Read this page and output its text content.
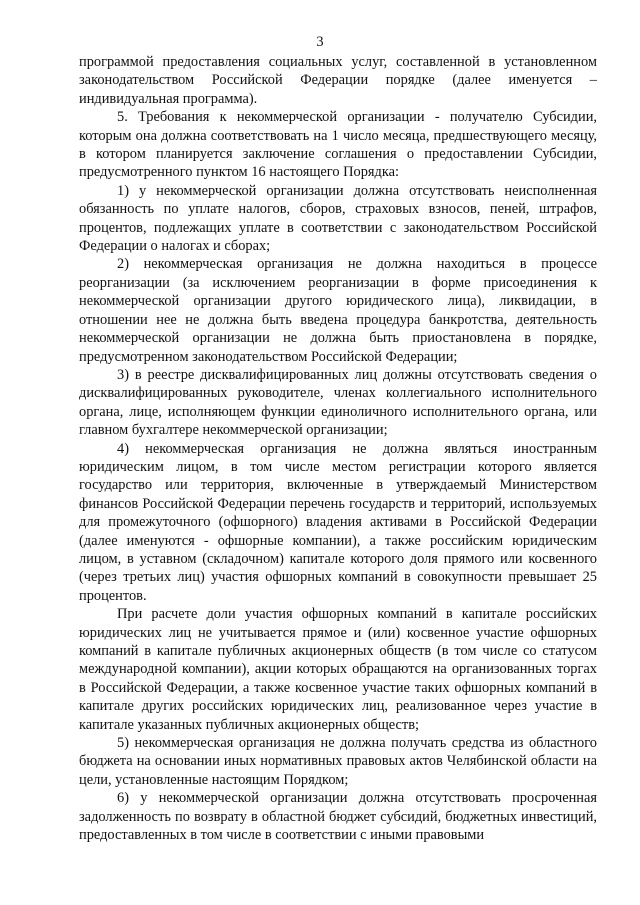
3

программой предоставления социальных услуг, составленной в установленном законодательством Российской Федерации порядке (далее именуется – индивидуальная программа).

5. Требования к некоммерческой организации - получателю Субсидии, которым она должна соответствовать на 1 число месяца, предшествующего месяцу, в котором планируется заключение соглашения о предоставлении Субсидии, предусмотренного пунктом 16 настоящего Порядка:

1) у некоммерческой организации должна отсутствовать неисполненная обязанность по уплате налогов, сборов, страховых взносов, пеней, штрафов, процентов, подлежащих уплате в соответствии с законодательством Российской Федерации о налогах и сборах;

2) некоммерческая организация не должна находиться в процессе реорганизации (за исключением реорганизации в форме присоединения к некоммерческой организации другого юридического лица), ликвидации, в отношении нее не должна быть введена процедура банкротства, деятельность некоммерческой организации не должна быть приостановлена в порядке, предусмотренном законодательством Российской Федерации;

3) в реестре дисквалифицированных лиц должны отсутствовать сведения о дисквалифицированных руководителе, членах коллегиального исполнительного органа, лице, исполняющем функции единоличного исполнительного органа, или главном бухгалтере некоммерческой организации;

4) некоммерческая организация не должна являться иностранным юридическим лицом, в том числе местом регистрации которого является государство или территория, включенные в утверждаемый Министерством финансов Российской Федерации перечень государств и территорий, используемых для промежуточного (офшорного) владения активами в Российской Федерации (далее именуются - офшорные компании), а также российским юридическим лицом, в уставном (складочном) капитале которого доля прямого или косвенного (через третьих лиц) участия офшорных компаний в совокупности превышает 25 процентов.

При расчете доли участия офшорных компаний в капитале российских юридических лиц не учитывается прямое и (или) косвенное участие офшорных компаний в капитале публичных акционерных обществ (в том числе со статусом международной компании), акции которых обращаются на организованных торгах в Российской Федерации, а также косвенное участие таких офшорных компаний в капитале других российских юридических лиц, реализованное через участие в капитале указанных публичных акционерных обществ;

5) некоммерческая организация не должна получать средства из областного бюджета на основании иных нормативных правовых актов Челябинской области на цели, установленные настоящим Порядком;

6) у некоммерческой организации должна отсутствовать просроченная задолженность по возврату в областной бюджет субсидий, бюджетных инвестиций, предоставленных в том числе в соответствии с иными правовыми
